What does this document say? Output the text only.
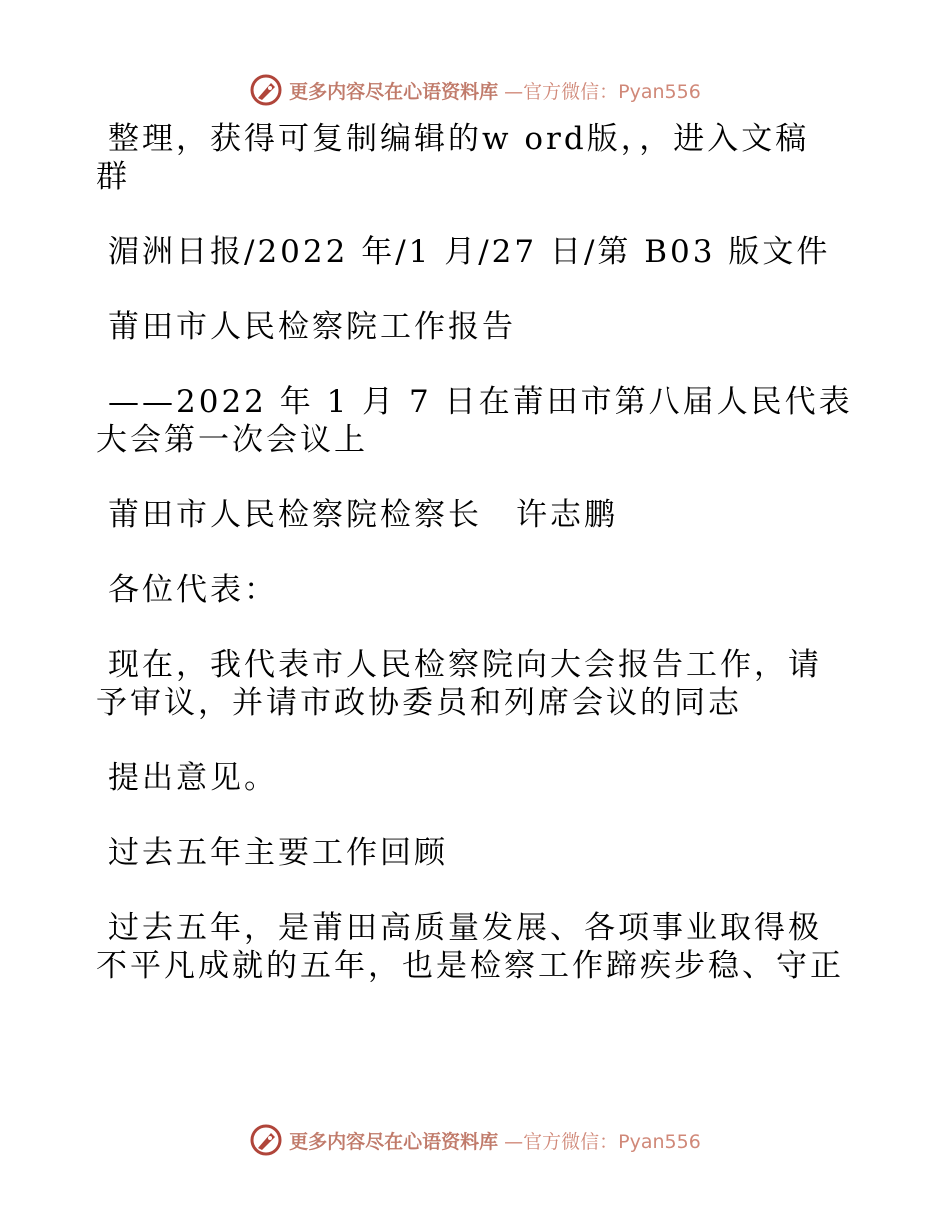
更多内容尽在心语资料库 —官方微信：Pyan556

整理，获得可复制编辑的w ord版，，进入文稿

群

湄洲日报/2022 年/1 月/27 日/第 B03 版文件

莆田市人民检察院工作报告

——2022 年 1 月 7 日在莆田市第八届人民代表

大会第一次会议上

莆田市人民检察院检察长　许志鹏

各位代表：

现在，我代表市人民检察院向大会报告工作，请

予审议，并请市政协委员和列席会议的同志

提出意见。

过去五年主要工作回顾

过去五年，是莆田高质量发展、各项事业取得极

不平凡成就的五年，也是检察工作蹄疾步稳、守正

更多内容尽在心语资料库 —官方微信：Pyan556
